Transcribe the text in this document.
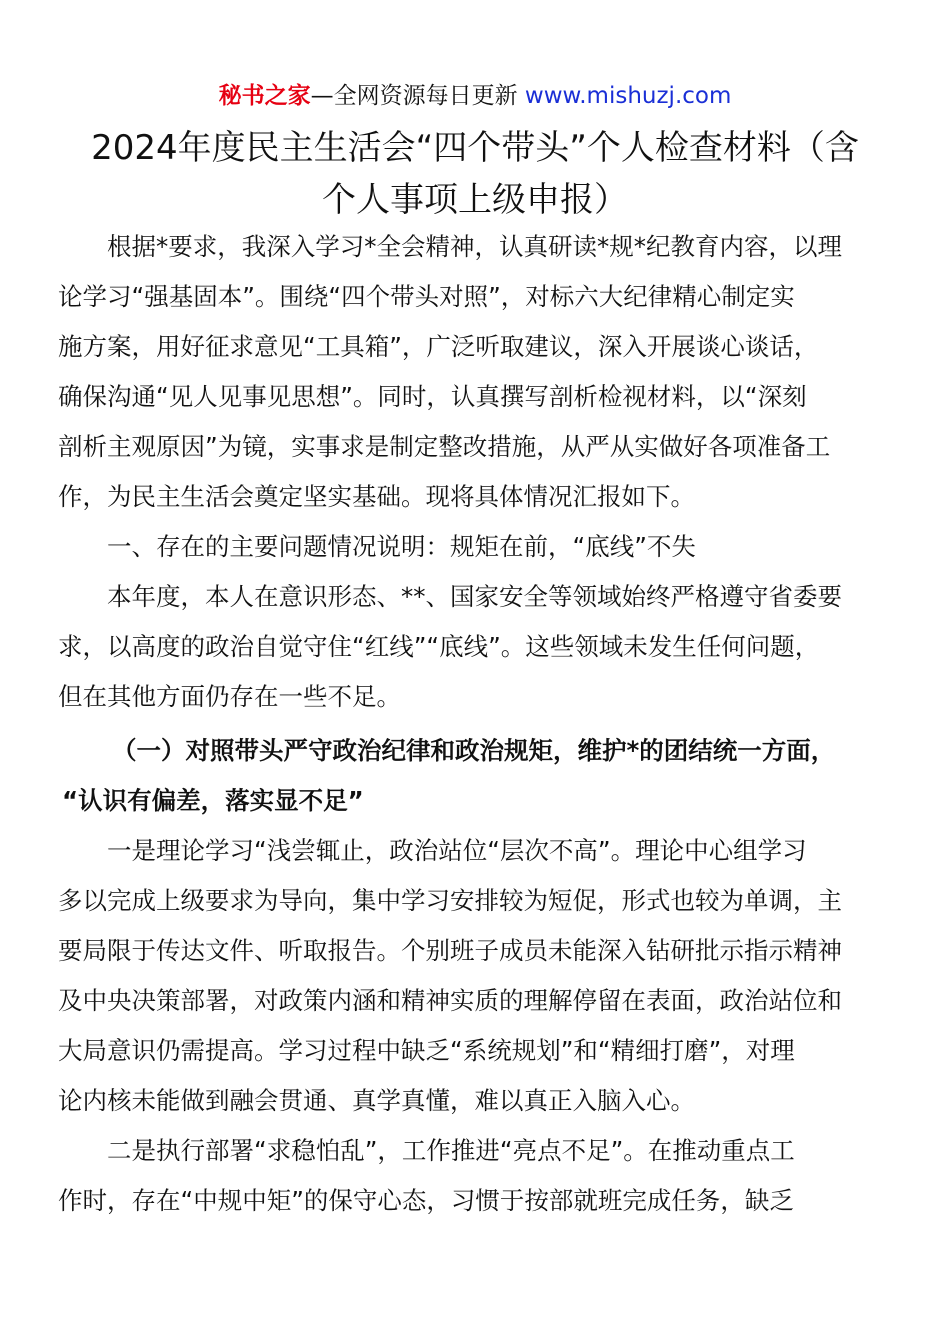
秘书之家—全网资源每日更新 www.mishuzj.com
2024年度民主生活会“四个带头”个人检查材料（含
个人事项上级申报）
根据*要求，我深入学习*全会精神，认真研读*规*纪教育内容，以理
论学习“强基固本”。围绕“四个带头对照”，对标六大纪律精心制定实
施方案，用好征求意见“工具箱”，广泛听取建议，深入开展谈心谈话，
确保沟通“见人见事见思想”。同时，认真撰写剖析检视材料，以“深刻
剖析主观原因”为镜，实事求是制定整改措施，从严从实做好各项准备工
作，为民主生活会奠定坚实基础。现将具体情况汇报如下。
一、存在的主要问题情况说明：规矩在前，“底线”不失
本年度，本人在意识形态、**、国家安全等领域始终严格遵守省委要
求，以高度的政治自觉守住“红线”“底线”。这些领域未发生任何问题，
但在其他方面仍存在一些不足。
（一）对照带头严守政治纪律和政治规矩，维护*的团结统一方面，
“认识有偏差，落实显不足”
一是理论学习“浅尝辄止，政治站位“层次不高”。理论中心组学习
多以完成上级要求为导向，集中学习安排较为短促，形式也较为单调，主
要局限于传达文件、听取报告。个别班子成员未能深入钻研批示指示精神
及中央决策部署，对政策内涵和精神实质的理解停留在表面，政治站位和
大局意识仍需提高。学习过程中缺乏“系统规划”和“精细打磨”，对理
论内核未能做到融会贯通、真学真懂，难以真正入脑入心。
二是执行部署“求稳怕乱”，工作推进“亮点不足”。在推动重点工
作时，存在“中规中矩”的保守心态，习惯于按部就班完成任务，缺乏
